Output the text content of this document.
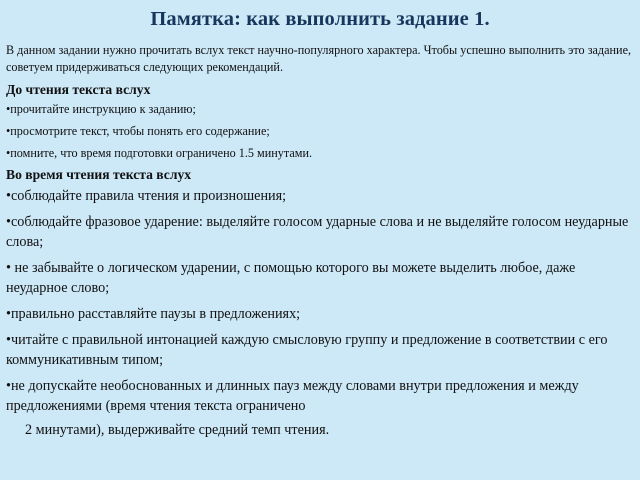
Памятка: как выполнить задание 1.

В данном задании нужно прочитать вслух текст научно-популярного характера. Чтобы успешно выполнить это задание, советуем придерживаться следующих рекомендаций.

До чтения текста вслух

•прочитайте инструкцию к заданию;

•просмотрите текст, чтобы понять его содержание;

•помните, что время подготовки ограничено 1.5 минутами.

Во время чтения текста вслух

•соблюдайте правила чтения и произношения;

•соблюдайте фразовое ударение: выделяйте голосом ударные слова и не выделяйте голосом неударные слова;

• не забывайте о логическом ударении, с помощью которого вы можете выделить любое, даже неударное слово;

•правильно расставляйте паузы в предложениях;

•читайте с правильной интонацией каждую смысловую группу и предложение в соответствии с его коммуникативным типом;

•не допускайте необоснованных и длинных пауз между словами внутри предложения и между предложениями (время чтения текста ограничено

2 минутами), выдерживайте средний темп чтения.
